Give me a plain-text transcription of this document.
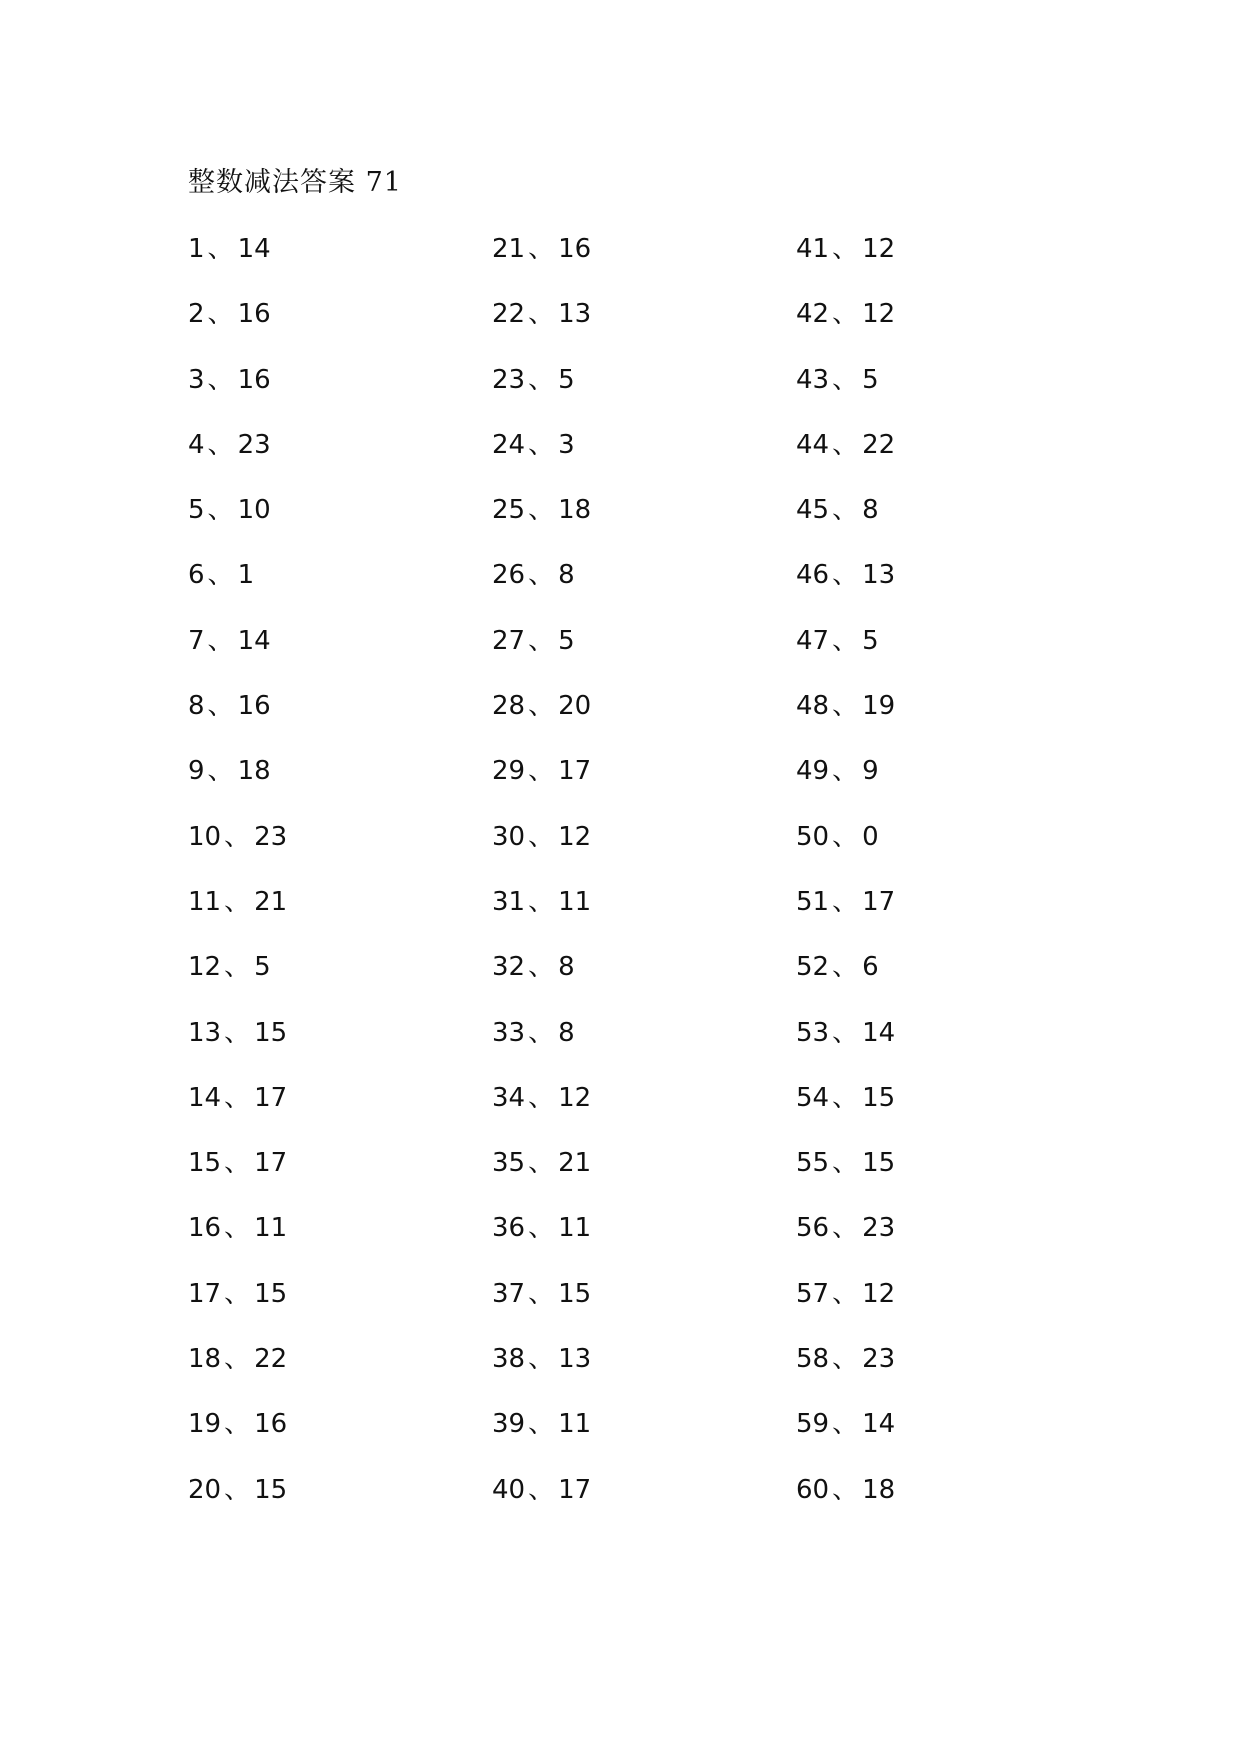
整数减法答案 71
1 、 14
2 、 16
3 、 16
4 、 23
5 、 10
6 、 1
7 、 14
8 、 16
9 、 18
10 、 23
11 、 21
12 、 5
13 、 15
14 、 17
15 、 17
16 、 11
17 、 15
18 、 22
19 、 16
20 、 15
21 、 16
22 、 13
23 、 5
24 、 3
25 、 18
26 、 8
27 、 5
28 、 20
29 、 17
30 、 12
31 、 11
32 、 8
33 、 8
34 、 12
35 、 21
36 、 11
37 、 15
38 、 13
39 、 11
40 、 17
41 、 12
42 、 12
43 、 5
44 、 22
45 、 8
46 、 13
47 、 5
48 、 19
49 、 9
50 、 0
51 、 17
52 、 6
53 、 14
54 、 15
55 、 15
56 、 23
57 、 12
58 、 23
59 、 14
60 、 18
